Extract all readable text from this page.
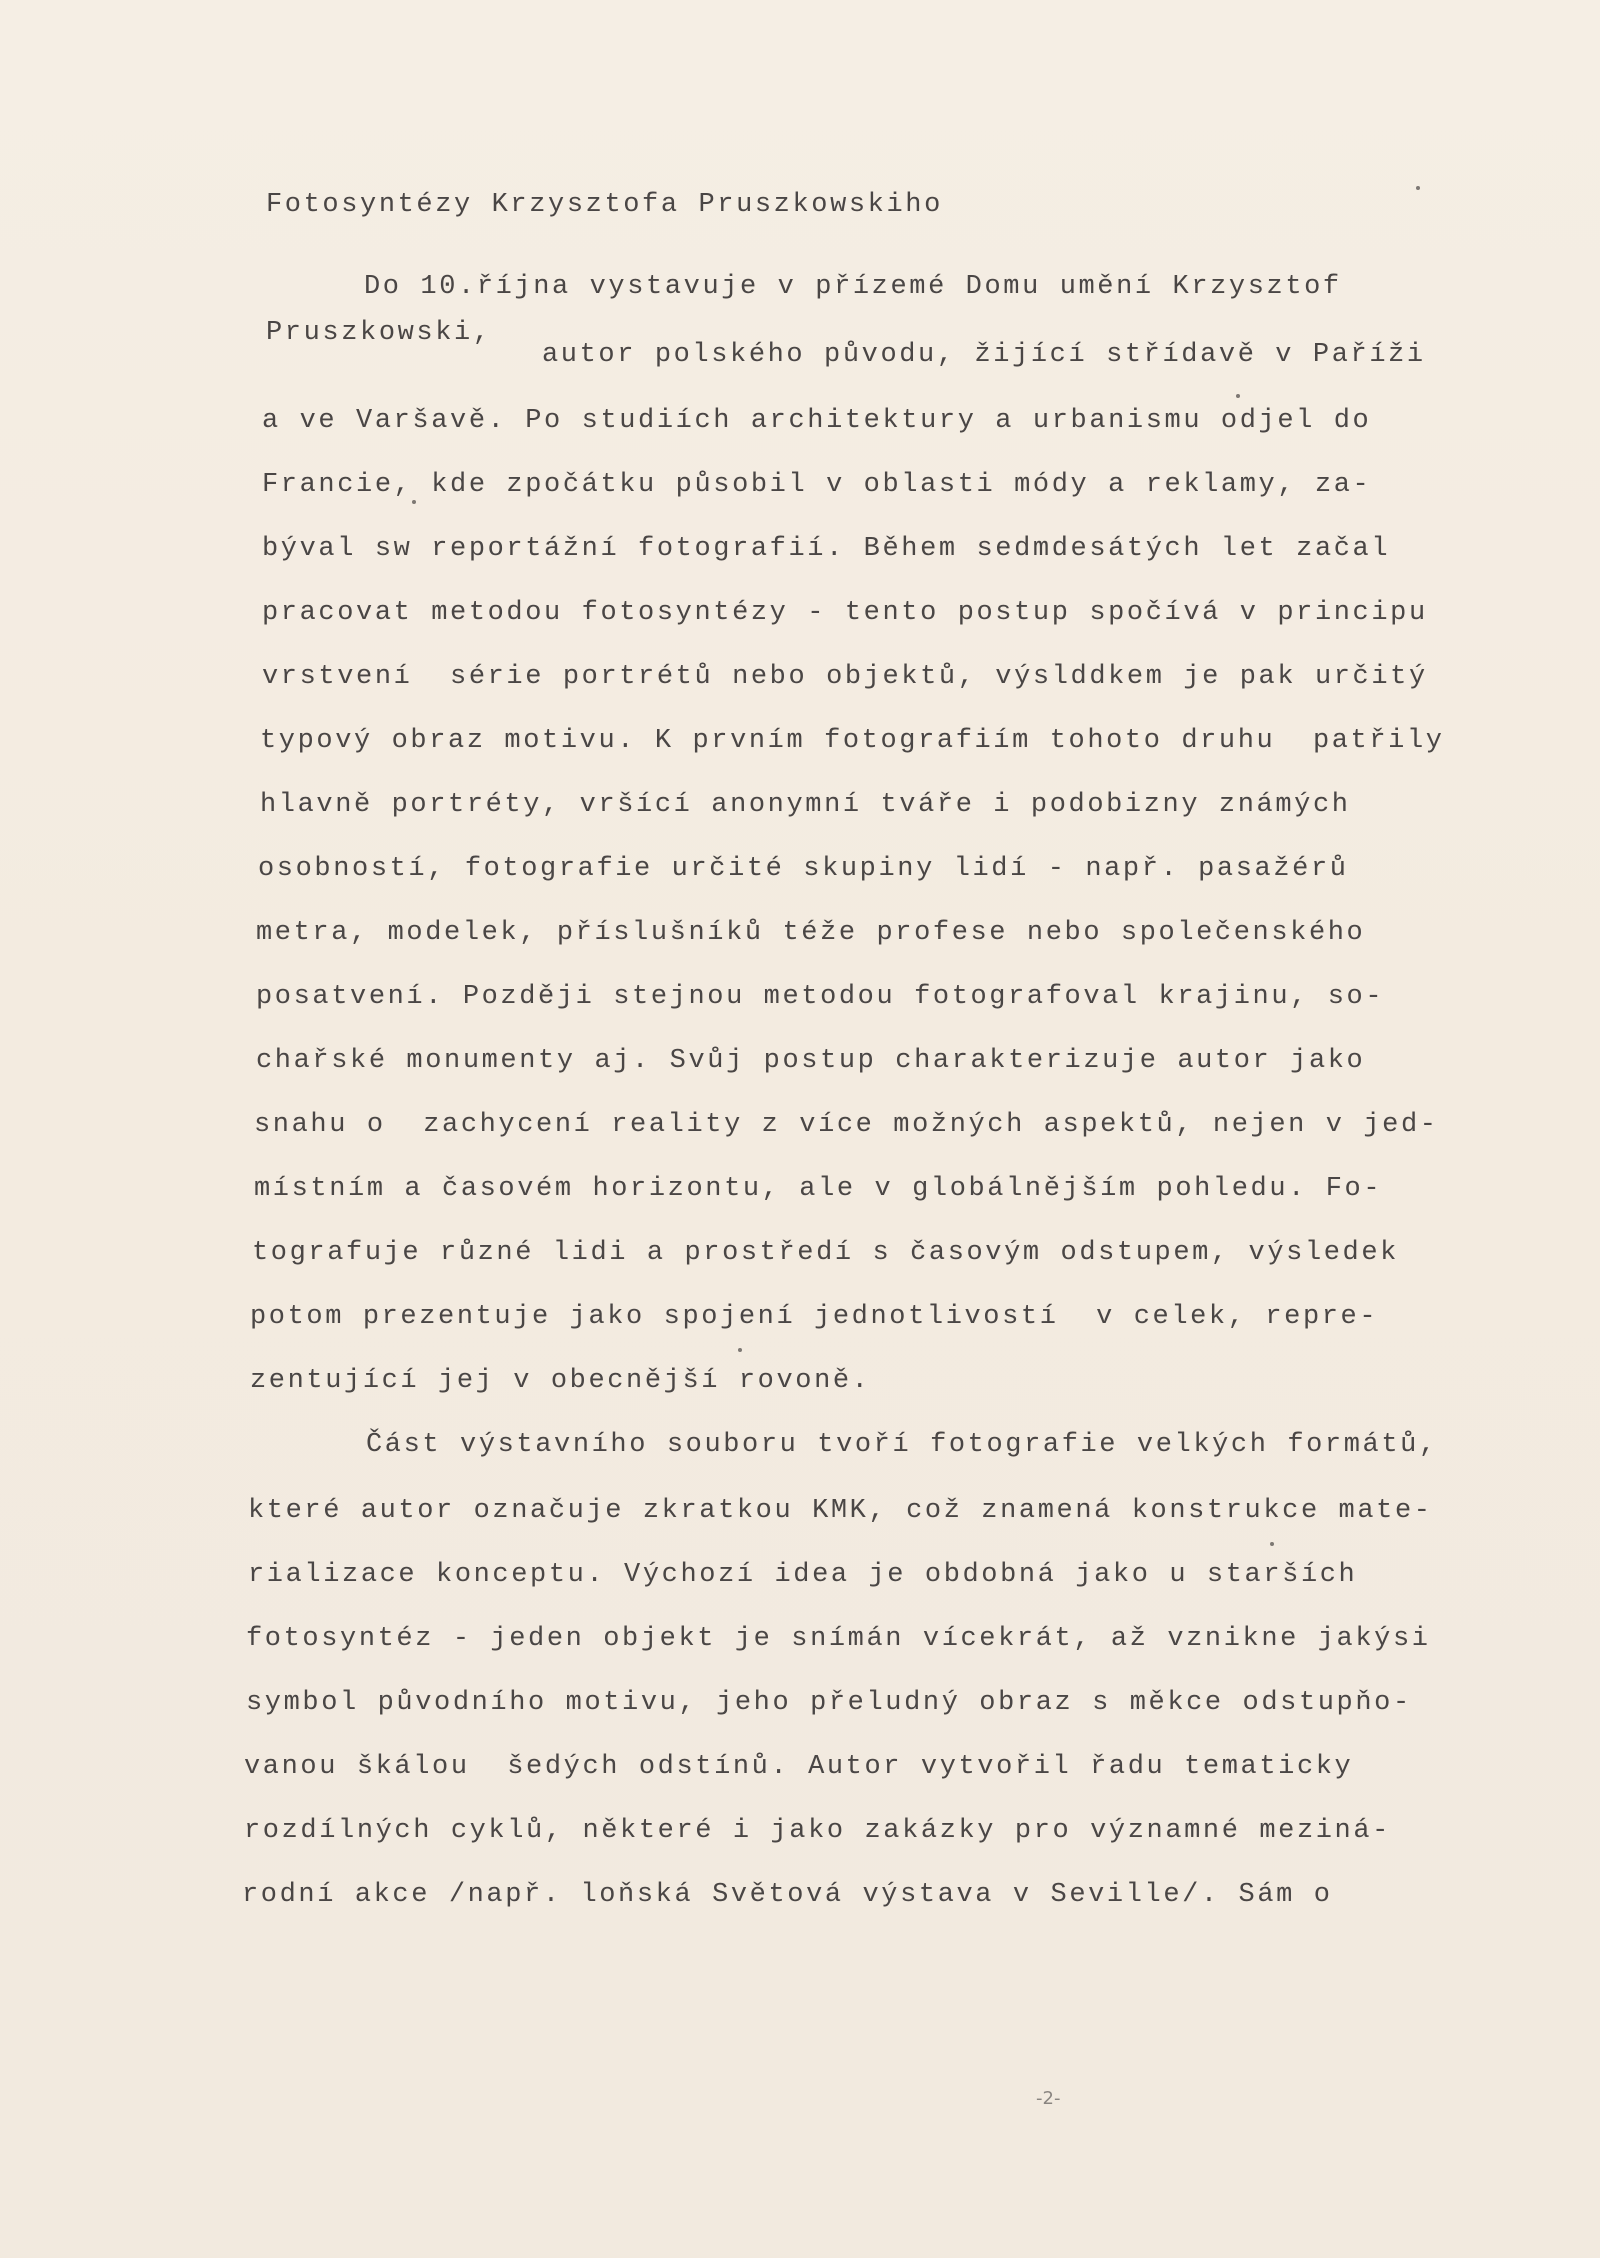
Fotosyntézy Krzysztofa Pruszkowskiho
Do 10.října vystavuje v přízemé Domu umění Krzysztof
Pruszkowski,
autor polského původu, žijící střídavě v Paříži
a ve Varšavě. Po studiích architektury a urbanismu odjel do
Francie, kde zpočátku působil v oblasti módy a reklamy, za-
býval sw reportážní fotografií. Během sedmdesátých let začal
pracovat metodou fotosyntézy - tento postup spočívá v principu
vrstvení  série portrétů nebo objektů, výslddkem je pak určitý
typový obraz motivu. K prvním fotografiím tohoto druhu  patřily
hlavně portréty, vršící anonymní tváře i podobizny známých
osobností, fotografie určité skupiny lidí - např. pasažérů
metra, modelek, příslušníků téže profese nebo společenského
posatvení. Později stejnou metodou fotografoval krajinu, so-
chařské monumenty aj. Svůj postup charakterizuje autor jako
snahu o  zachycení reality z více možných aspektů, nejen v jed-
místním a časovém horizontu, ale v globálnějším pohledu. Fo-
tografuje různé lidi a prostředí s časovým odstupem, výsledek
potom prezentuje jako spojení jednotlivostí  v celek, repre-
zentující jej v obecnější rovoně.
Část výstavního souboru tvoří fotografie velkých formátů,
které autor označuje zkratkou KMK, což znamená konstrukce mate-
rializace konceptu. Výchozí idea je obdobná jako u starších
fotosyntéz - jeden objekt je snímán vícekrát, až vznikne jakýsi
symbol původního motivu, jeho přeludný obraz s měkce odstupňo-
vanou škálou  šedých odstínů. Autor vytvořil řadu tematicky
rozdílných cyklů, některé i jako zakázky pro významné meziná-
rodní akce /např. loňská Světová výstava v Seville/. Sám o
-2-
